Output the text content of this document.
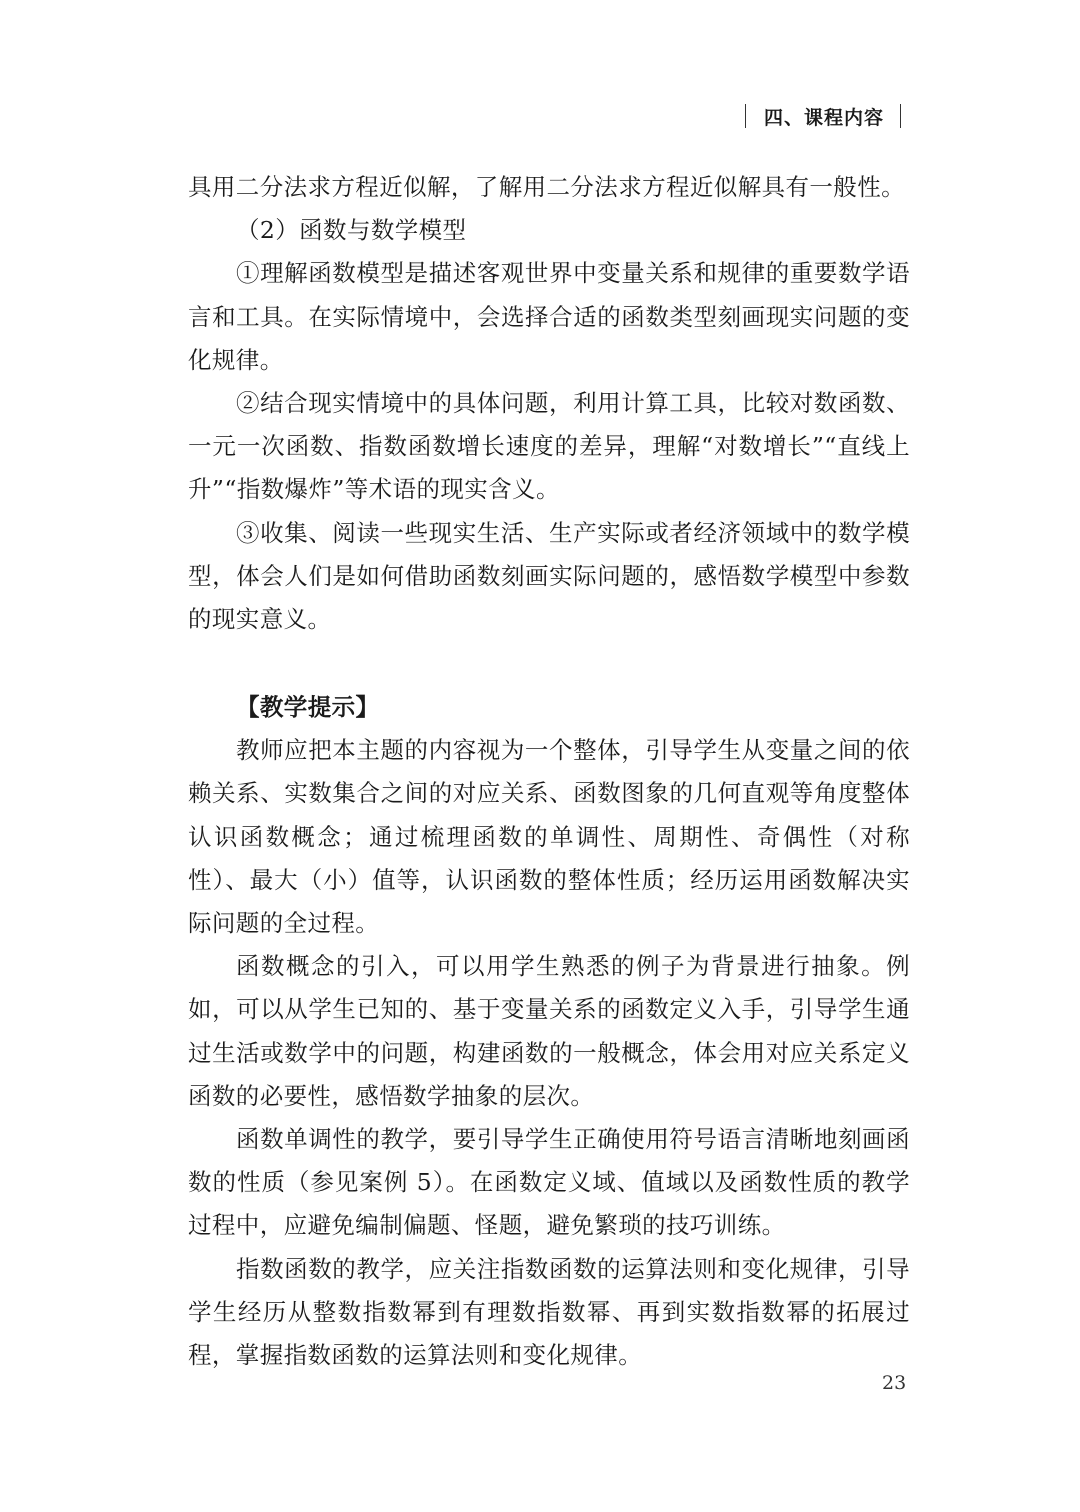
四、课程内容

具用二分法求方程近似解，了解用二分法求方程近似解具有一般性。

（2）函数与数学模型

①理解函数模型是描述客观世界中变量关系和规律的重要数学语言和工具。在实际情境中，会选择合适的函数类型刻画现实问题的变化规律。

②结合现实情境中的具体问题，利用计算工具，比较对数函数、一元一次函数、指数函数增长速度的差异，理解“对数增长”“直线上升”“指数爆炸”等术语的现实含义。

③收集、阅读一些现实生活、生产实际或者经济领域中的数学模型，体会人们是如何借助函数刻画实际问题的，感悟数学模型中参数的现实意义。

【教学提示】

教师应把本主题的内容视为一个整体，引导学生从变量之间的依赖关系、实数集合之间的对应关系、函数图象的几何直观等角度整体认识函数概念；通过梳理函数的单调性、周期性、奇偶性（对称性）、最大（小）值等，认识函数的整体性质；经历运用函数解决实际问题的全过程。

函数概念的引入，可以用学生熟悉的例子为背景进行抽象。例如，可以从学生已知的、基于变量关系的函数定义入手，引导学生通过生活或数学中的问题，构建函数的一般概念，体会用对应关系定义函数的必要性，感悟数学抽象的层次。

函数单调性的教学，要引导学生正确使用符号语言清晰地刻画函数的性质（参见案例 5）。在函数定义域、值域以及函数性质的教学过程中，应避免编制偏题、怪题，避免繁琐的技巧训练。

指数函数的教学，应关注指数函数的运算法则和变化规律，引导学生经历从整数指数幂到有理数指数幂、再到实数指数幂的拓展过程，掌握指数函数的运算法则和变化规律。

23
